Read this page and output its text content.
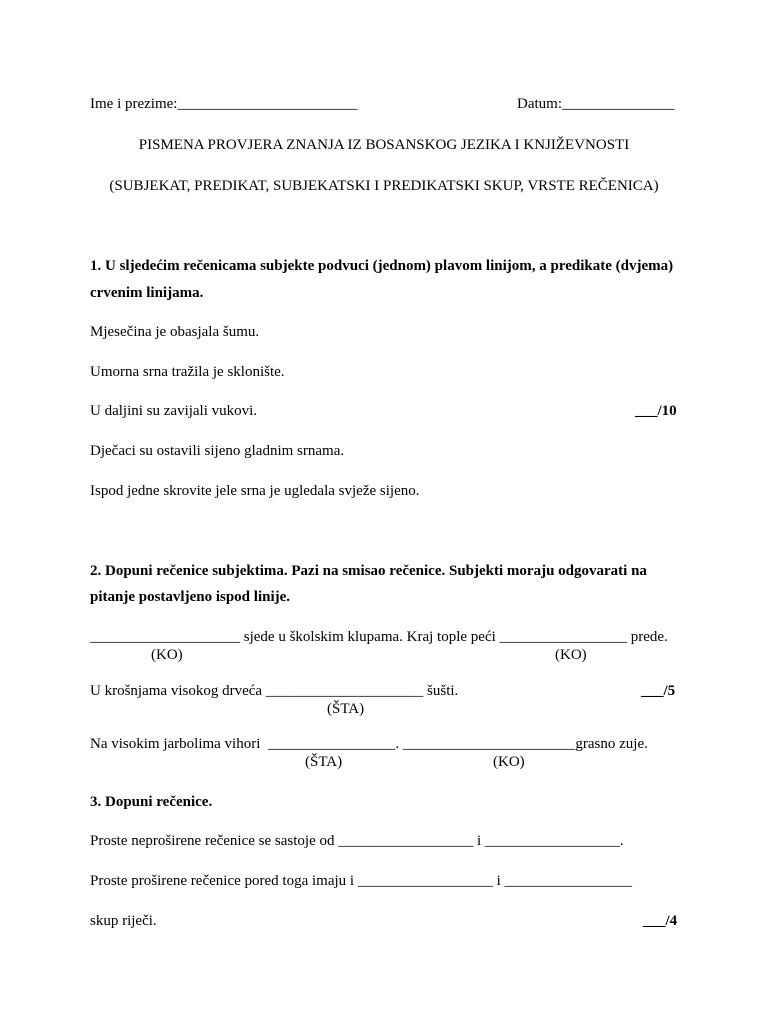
Ime i prezime:________________________	Datum:_______________
PISMENA PROVJERA ZNANJA IZ BOSANSKOG JEZIKA I KNJIŽEVNOSTI
(SUBJEKAT, PREDIKAT, SUBJEKATSKI I PREDIKATSKI SKUP, VRSTE REČENICA)
1. U sljedećim rečenicama subjekte podvuci (jednom) plavom linijom, a predikate (dvjema)
crvenim linijama.
Mjesečina je obasjala šumu.
Umorna srna tražila je sklonište.
U daljini su zavijali vukovi.	___/10
Dječaci su ostavili sijeno gladnim srnama.
Ispod jedne skrovite jele srna je ugledala svježe sijeno.
2. Dopuni rečenice subjektima. Pazi na smisao rečenice. Subjekti moraju odgovarati na
pitanje postavljeno ispod linije.
____________________ sjede u školskim klupama. Kraj tople peći _________________ prede.
(KO)	(KO)
U krošnjama visokog drveća _____________________ šušti.	___/5
(ŠTA)
Na visokim jarbolima vihori  _________________. _______________________grasno zuje.
(ŠTA)	(KO)
3. Dopuni rečenice.
Proste neproširene rečenice se sastoje od __________________ i __________________.
Proste proširene rečenice pored toga imaju i __________________ i _________________
skup riječi.	___/4
